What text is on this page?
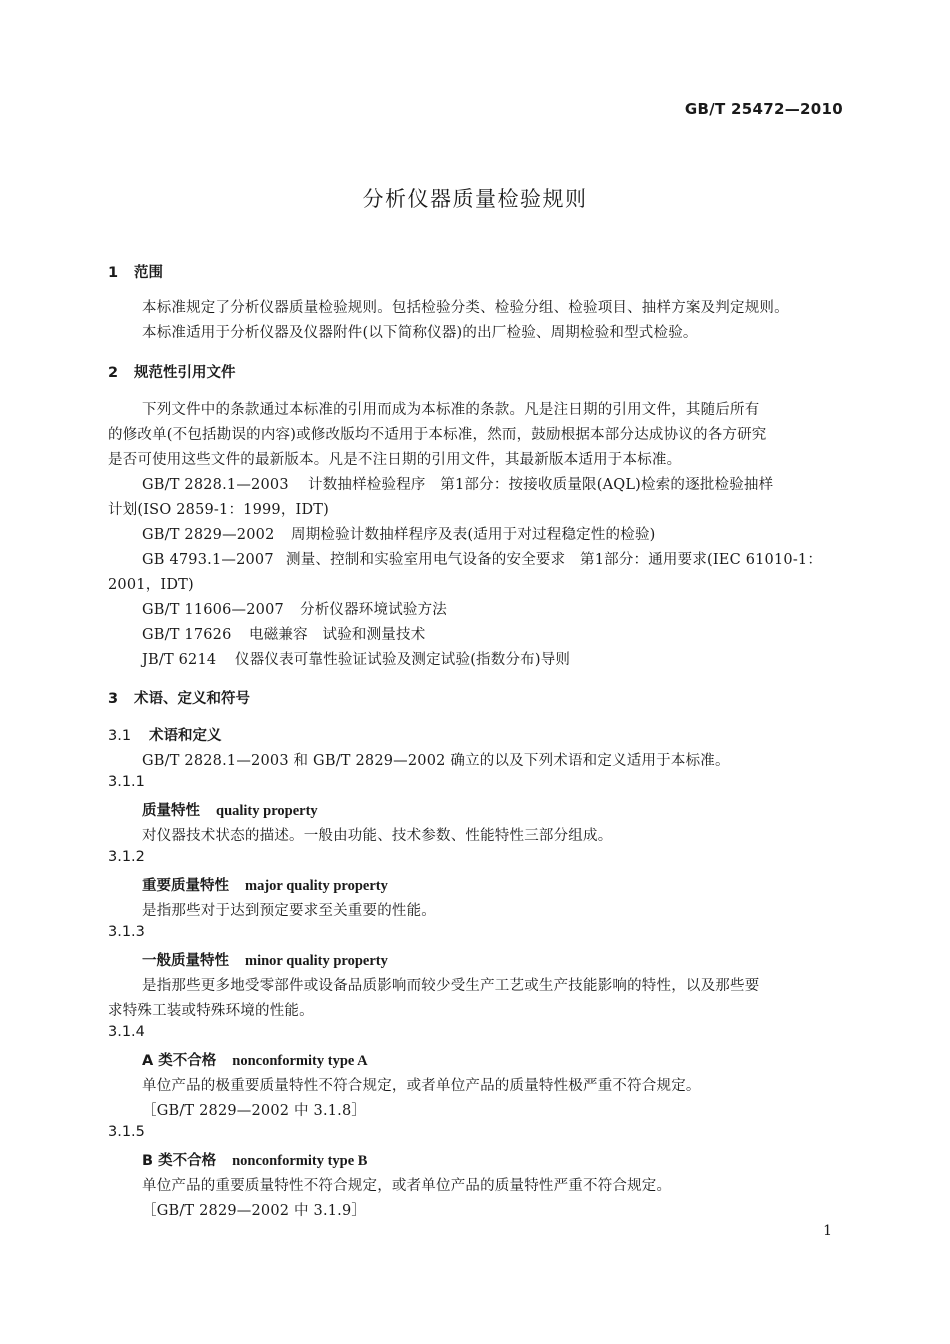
GB/T 25472—2010
分析仪器质量检验规则
1 范围
本标准规定了分析仪器质量检验规则。包括检验分类、检验分组、检验项目、抽样方案及判定规则。
本标准适用于分析仪器及仪器附件(以下简称仪器)的出厂检验、周期检验和型式检验。
2 规范性引用文件
下列文件中的条款通过本标准的引用而成为本标准的条款。凡是注日期的引用文件，其随后所有
的修改单(不包括勘误的内容)或修改版均不适用于本标准，然而，鼓励根据本部分达成协议的各方研究
是否可使用这些文件的最新版本。凡是不注日期的引用文件，其最新版本适用于本标准。
GB/T 2828.1—2003 计数抽样检验程序　第1部分：按接收质量限(AQL)检索的逐批检验抽样
计划(ISO 2859-1：1999，IDT)
GB/T 2829—2002 周期检验计数抽样程序及表(适用于对过程稳定性的检验)
GB 4793.1—2007 测量、控制和实验室用电气设备的安全要求　第1部分：通用要求(IEC 61010-1：
2001，IDT)
GB/T 11606—2007 分析仪器环境试验方法
GB/T 17626 电磁兼容　试验和测量技术
JB/T 6214 仪器仪表可靠性验证试验及测定试验(指数分布)导则
3 术语、定义和符号
3.1 术语和定义
GB/T 2828.1—2003 和 GB/T 2829—2002 确立的以及下列术语和定义适用于本标准。
3.1.1
质量特性 quality property
对仪器技术状态的描述。一般由功能、技术参数、性能特性三部分组成。
3.1.2
重要质量特性 major quality property
是指那些对于达到预定要求至关重要的性能。
3.1.3
一般质量特性 minor quality property
是指那些更多地受零部件或设备品质影响而较少受生产工艺或生产技能影响的特性，以及那些要
求特殊工装或特殊环境的性能。
3.1.4
A 类不合格 nonconformity type A
单位产品的极重要质量特性不符合规定，或者单位产品的质量特性极严重不符合规定。
［GB/T 2829—2002 中 3.1.8］
3.1.5
B 类不合格 nonconformity type B
单位产品的重要质量特性不符合规定，或者单位产品的质量特性严重不符合规定。
［GB/T 2829—2002 中 3.1.9］
1
